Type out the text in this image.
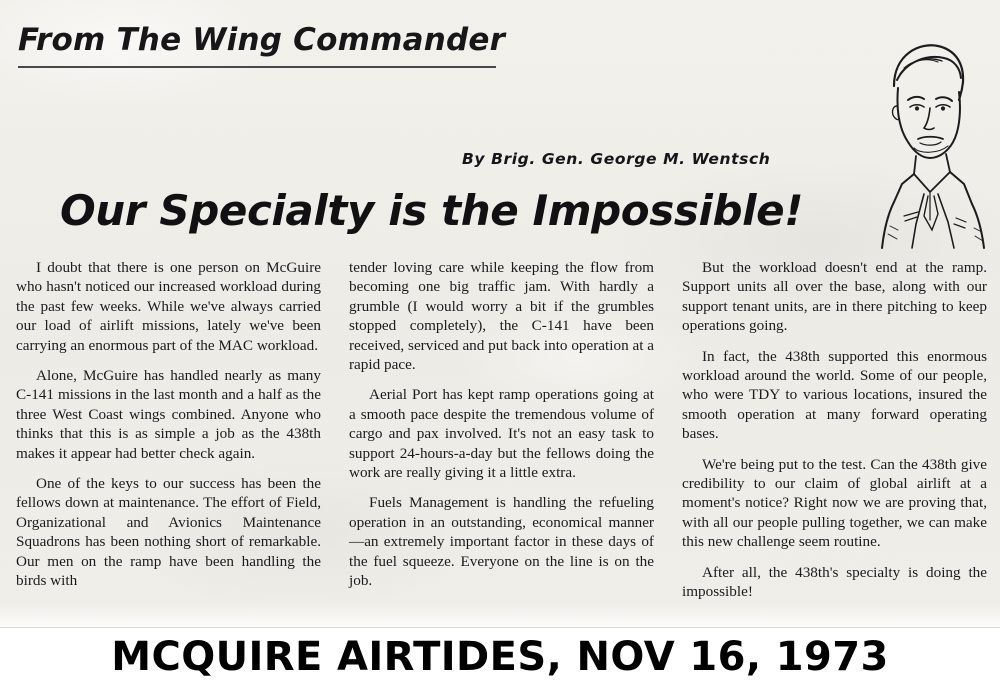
From The Wing Commander
By Brig. Gen. George M. Wentsch
Our Specialty is the Impossible!

I doubt that there is one person on McGuire who hasn't noticed our increased workload during the past few weeks. While we've always carried our load of airlift missions, lately we've been carrying an enormous part of the MAC workload.

Alone, McGuire has handled nearly as many C-141 missions in the last month and a half as the three West Coast wings combined. Anyone who thinks that this is as simple a job as the 438th makes it appear had better check again.

One of the keys to our success has been the fellows down at maintenance. The effort of Field, Organizational and Avionics Maintenance Squadrons has been nothing short of remarkable. Our men on the ramp have been handling the birds with

tender loving care while keeping the flow from becoming one big traffic jam. With hardly a grumble (I would worry a bit if the grumbles stopped completely), the C-141 have been received, serviced and put back into operation at a rapid pace.

Aerial Port has kept ramp operations going at a smooth pace despite the tremendous volume of cargo and pax involved. It's not an easy task to support 24-hours-a-day but the fellows doing the work are really giving it a little extra.

Fuels Management is handling the refueling operation in an outstanding, economical manner—an extremely important factor in these days of the fuel squeeze. Everyone on the line is on the job.

But the workload doesn't end at the ramp. Support units all over the base, along with our support tenant units, are in there pitching to keep operations going.

In fact, the 438th supported this enormous workload around the world. Some of our people, who were TDY to various locations, insured the smooth operation at many forward operating bases.

We're being put to the test. Can the 438th give credibility to our claim of global airlift at a moment's notice? Right now we are proving that, with all our people pulling together, we can make this new challenge seem routine.

After all, the 438th's specialty is doing the impossible!

MCQUIRE AIRTIDES, NOV 16, 1973
